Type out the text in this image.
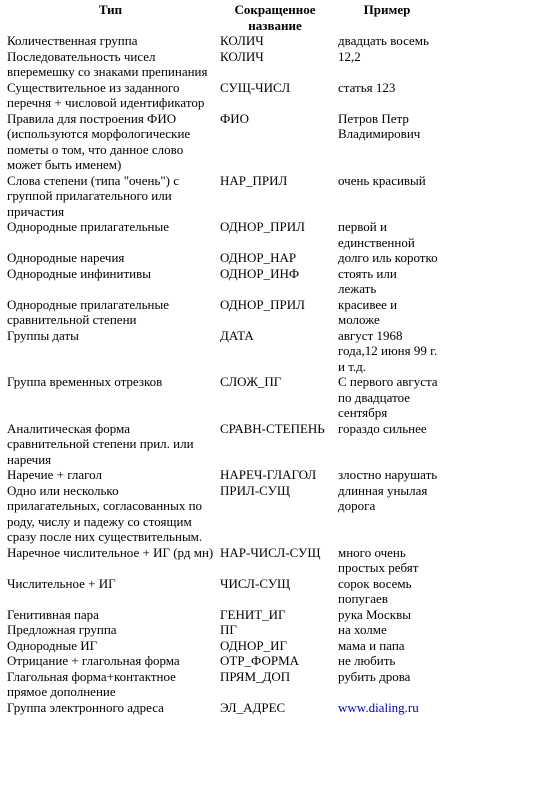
Тип	Сокращенное название	Пример
Количественная группа	КОЛИЧ	двадцать восемь
Последовательность чисел вперемешку со знаками препинания	КОЛИЧ	12,2
Существительное из заданного перечня + числовой идентификатор	СУЩ-ЧИСЛ	статья 123
Правила для построения ФИО (используются морфологические пометы о том, что данное слово может быть именем)	ФИО	Петров Петр Владимирович
Слова степени (типа "очень") с группой прилагательного или причастия	НАР_ПРИЛ	очень красивый
Однородные прилагательные	ОДНОР_ПРИЛ	первой и единственной
Однородные наречия	ОДНОР_НАР	долго иль коротко
Однородные инфинитивы	ОДНОР_ИНФ	стоять или лежать
Однородные прилагательные сравнительной степени	ОДНОР_ПРИЛ	красивее и моложе
Группы даты	ДАТА	август 1968 года,12 июня 99 г. и т.д.
Группа временных отрезков	СЛОЖ_ПГ	С первого августа по двадцатое сентября
Аналитическая форма сравнительной степени прил. или наречия	СРАВН-СТЕПЕНЬ	гораздо сильнее
Наречие + глагол	НАРЕЧ-ГЛАГОЛ	злостно нарушать
Одно или несколько прилагательных, согласованных по роду, числу и падежу со стоящим сразу после них существительным.	ПРИЛ-СУЩ	длинная унылая дорога
Наречное числительное + ИГ (рд мн)	НАР-ЧИСЛ-СУЩ	много очень простых ребят
Числительное + ИГ	ЧИСЛ-СУЩ	сорок восемь попугаев
Генитивная пара	ГЕНИТ_ИГ	рука Москвы
Предложная группа	ПГ	на холме
Однородные ИГ	ОДНОР_ИГ	мама и папа
Отрицание + глагольная форма	ОТР_ФОРМА	не любить
Глагольная форма+контактное прямое дополнение	ПРЯМ_ДОП	рубить дрова
Группа электронного адреса	ЭЛ_АДРЕС	www.dialing.ru
